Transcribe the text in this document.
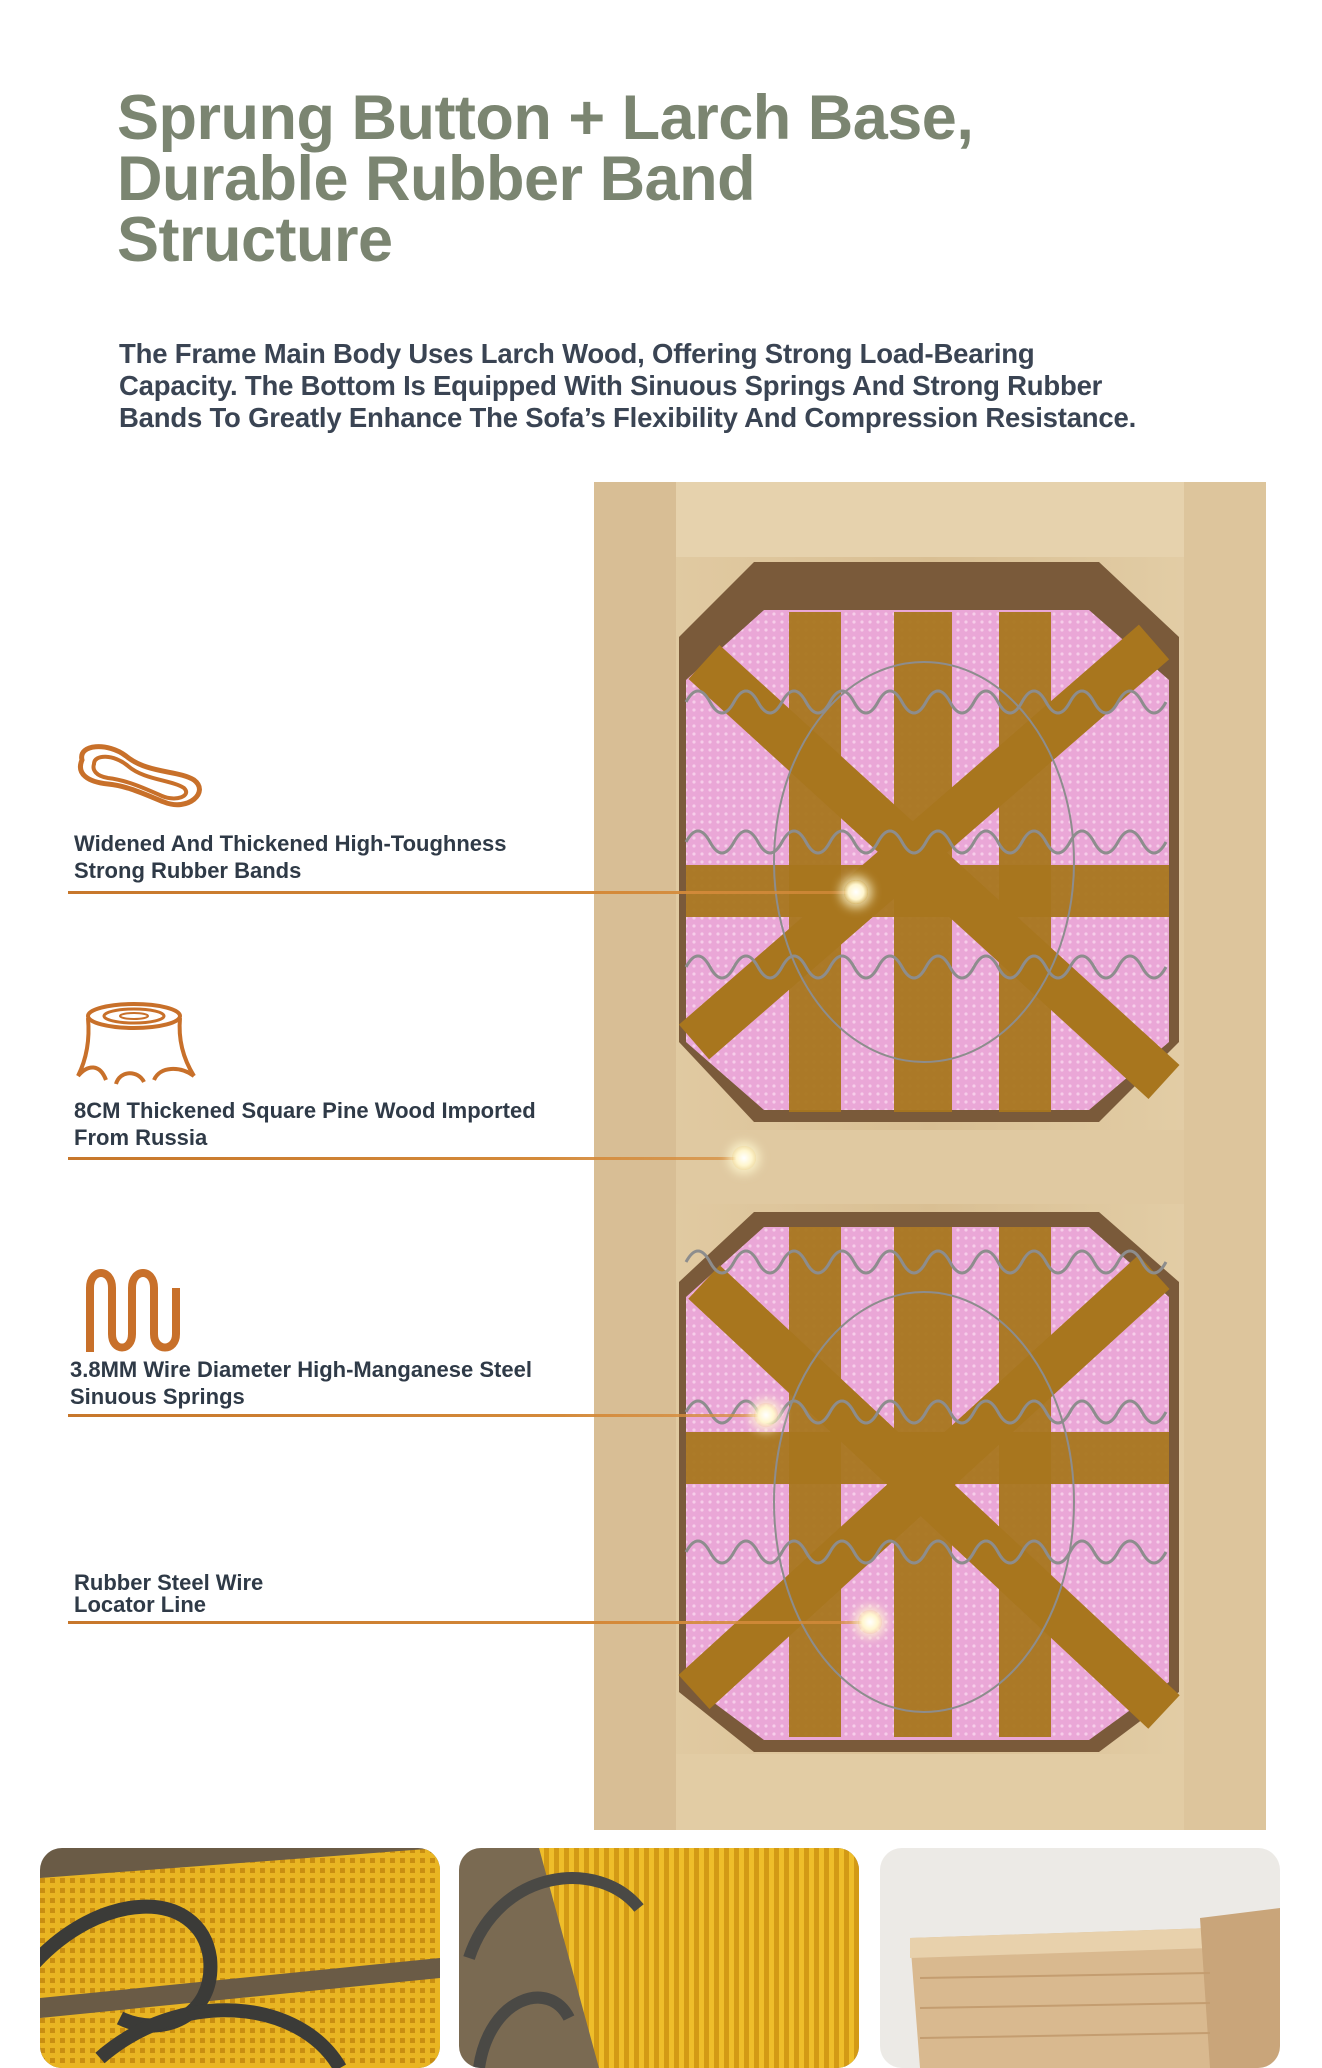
Sprung Button + Larch Base,
Durable Rubber Band
Structure
The Frame Main Body Uses Larch Wood, Offering Strong Load-Bearing
Capacity. The Bottom Is Equipped With Sinuous Springs And Strong Rubber
Bands To Greatly Enhance The Sofa’s Flexibility And Compression Resistance.
Widened And Thickened High-Toughness
Strong Rubber Bands
8CM Thickened Square Pine Wood Imported
From Russia
3.8MM Wire Diameter High-Manganese Steel
Sinuous Springs
Rubber Steel Wire
Locator Line
